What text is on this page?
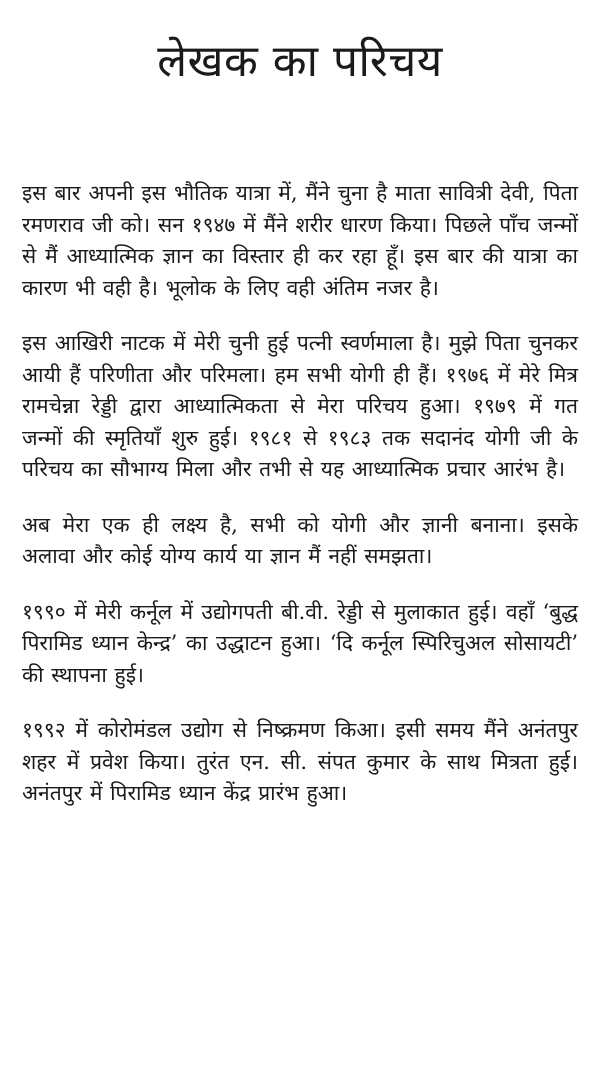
लेखक का परिचय

इस बार अपनी इस भौतिक यात्रा में, मैंने चुना है माता सावित्री देवी, पिता रमणराव जी को। सन १९४७ में मैंने शरीर धारण किया। पिछले पाँच जन्मों से मैं आध्यात्मिक ज्ञान का विस्तार ही कर रहा हूँ। इस बार की यात्रा का कारण भी वही है। भूलोक के लिए वही अंतिम नजर है।

इस आखिरी नाटक में मेरी चुनी हुई पत्नी स्वर्णमाला है। मुझे पिता चुनकर आयी हैं परिणीता और परिमला। हम सभी योगी ही हैं। १९७६ में मेरे मित्र रामचेन्ना रेड्डी द्वारा आध्यात्मिकता से मेरा परिचय हुआ। १९७९ में गत जन्मों की स्मृतियाँ शुरु हुई। १९८१ से १९८३ तक सदानंद योगी जी के परिचय का सौभाग्य मिला और तभी से यह आध्यात्मिक प्रचार आरंभ है।

अब मेरा एक ही लक्ष्य है, सभी को योगी और ज्ञानी बनाना। इसके अलावा और कोई योग्य कार्य या ज्ञान मैं नहीं समझता।

१९९० में मेरी कर्नूल में उद्योगपती बी.वी. रेड्डी से मुलाकात हुई। वहाँ ‘बुद्ध पिरामिड ध्यान केन्द्र’ का उद्धाटन हुआ। ‘दि कर्नूल स्पिरिचुअल सोसायटी’ की स्थापना हुई।

१९९२ में कोरोमंडल उद्योग से निष्क्रमण किआ। इसी समय मैंने अनंतपुर शहर में प्रवेश किया। तुरंत एन. सी. संपत कुमार के साथ मित्रता हुई। अनंतपुर में पिरामिड ध्यान केंद्र प्रारंभ हुआ।
